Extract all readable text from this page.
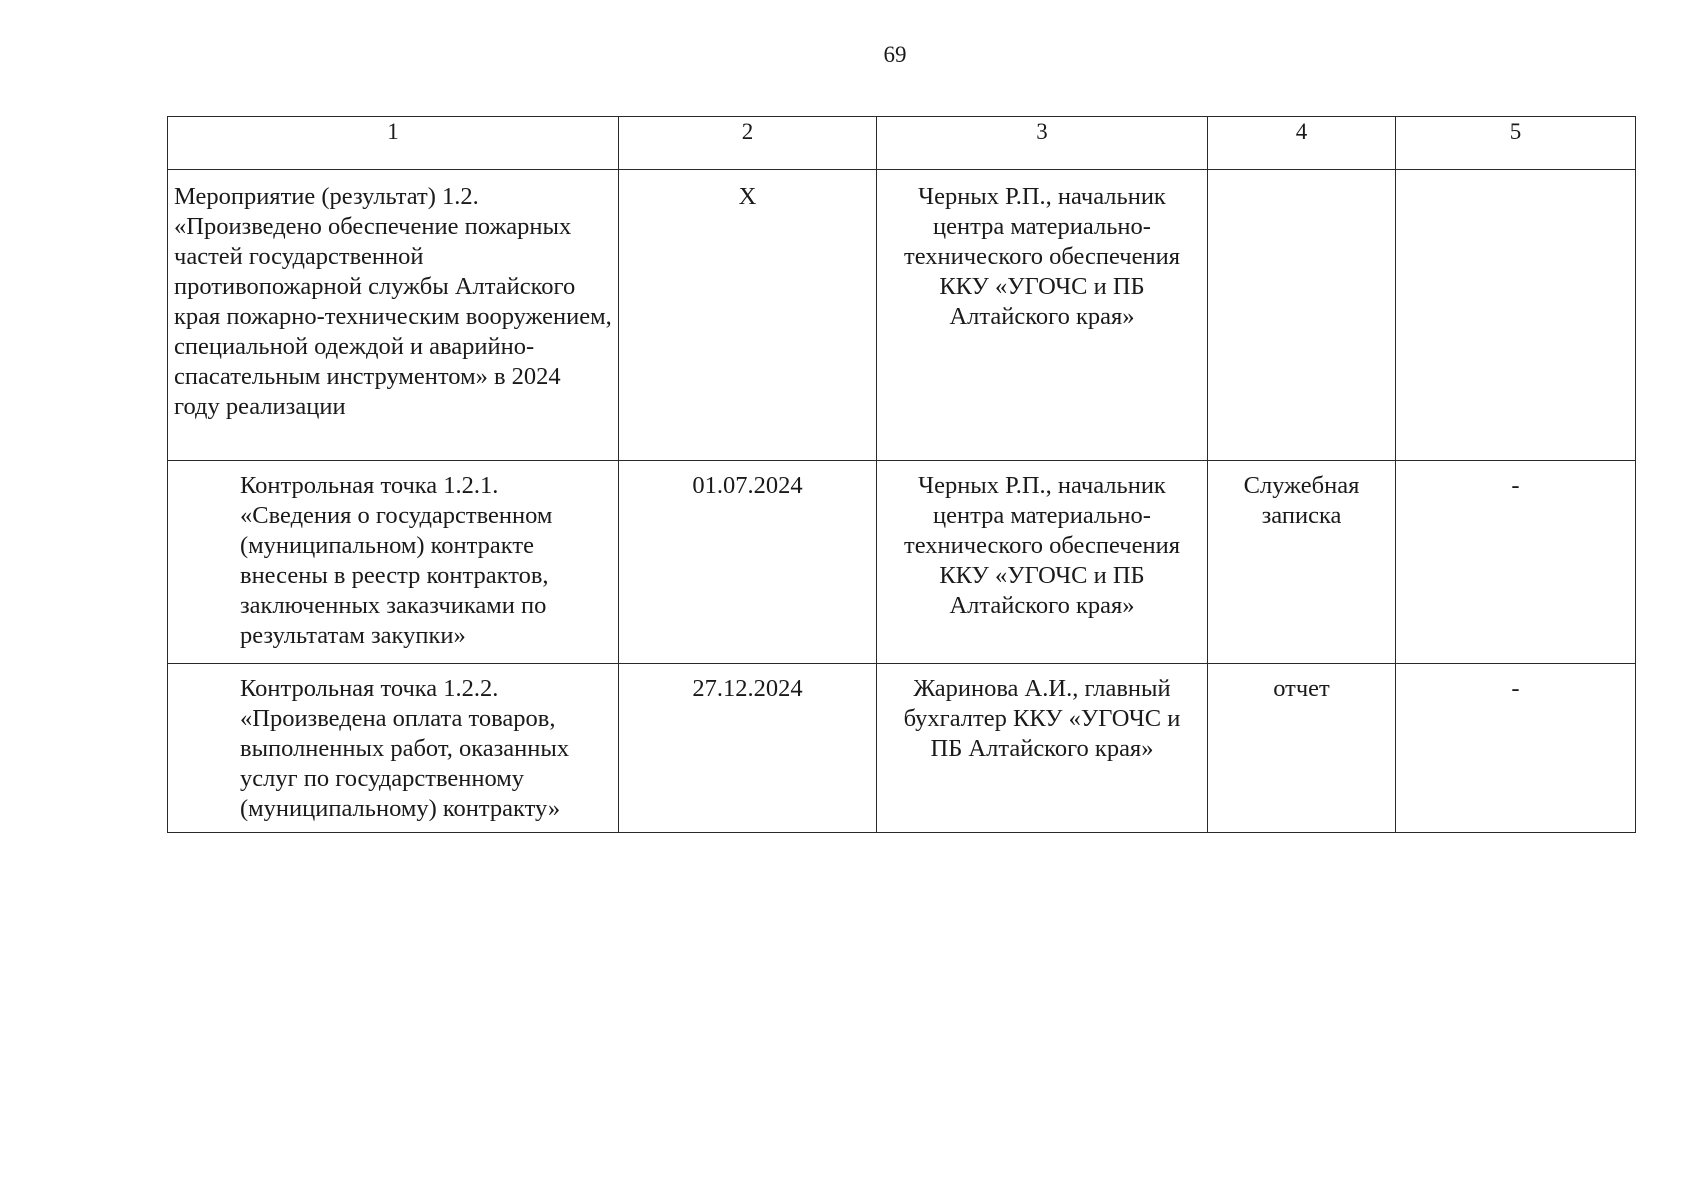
69
1	2	3	4	5

Мероприятие (результат) 1.2. «Произведено обеспечение пожарных частей государственной противопожарной службы Алтайского края пожарно-техническим вооружением, специальной одеждой и аварийно-спасательным инструментом» в 2024 году реализации	Х	Черных Р.П., начальник центра материально-технического обеспечения ККУ «УГОЧС и ПБ Алтайского края»		

Контрольная точка 1.2.1. «Сведения о государственном (муниципальном) контракте внесены в реестр контрактов, заключенных заказчиками по результатам закупки»	01.07.2024	Черных Р.П., начальник центра материально-технического обеспечения ККУ «УГОЧС и ПБ Алтайского края»	Служебная записка	-

Контрольная точка 1.2.2. «Произведена оплата товаров, выполненных работ, оказанных услуг по государственному (муниципальному) контракту»	27.12.2024	Жаринова А.И., главный бухгалтер ККУ «УГОЧС и ПБ Алтайского края»	отчет	-
